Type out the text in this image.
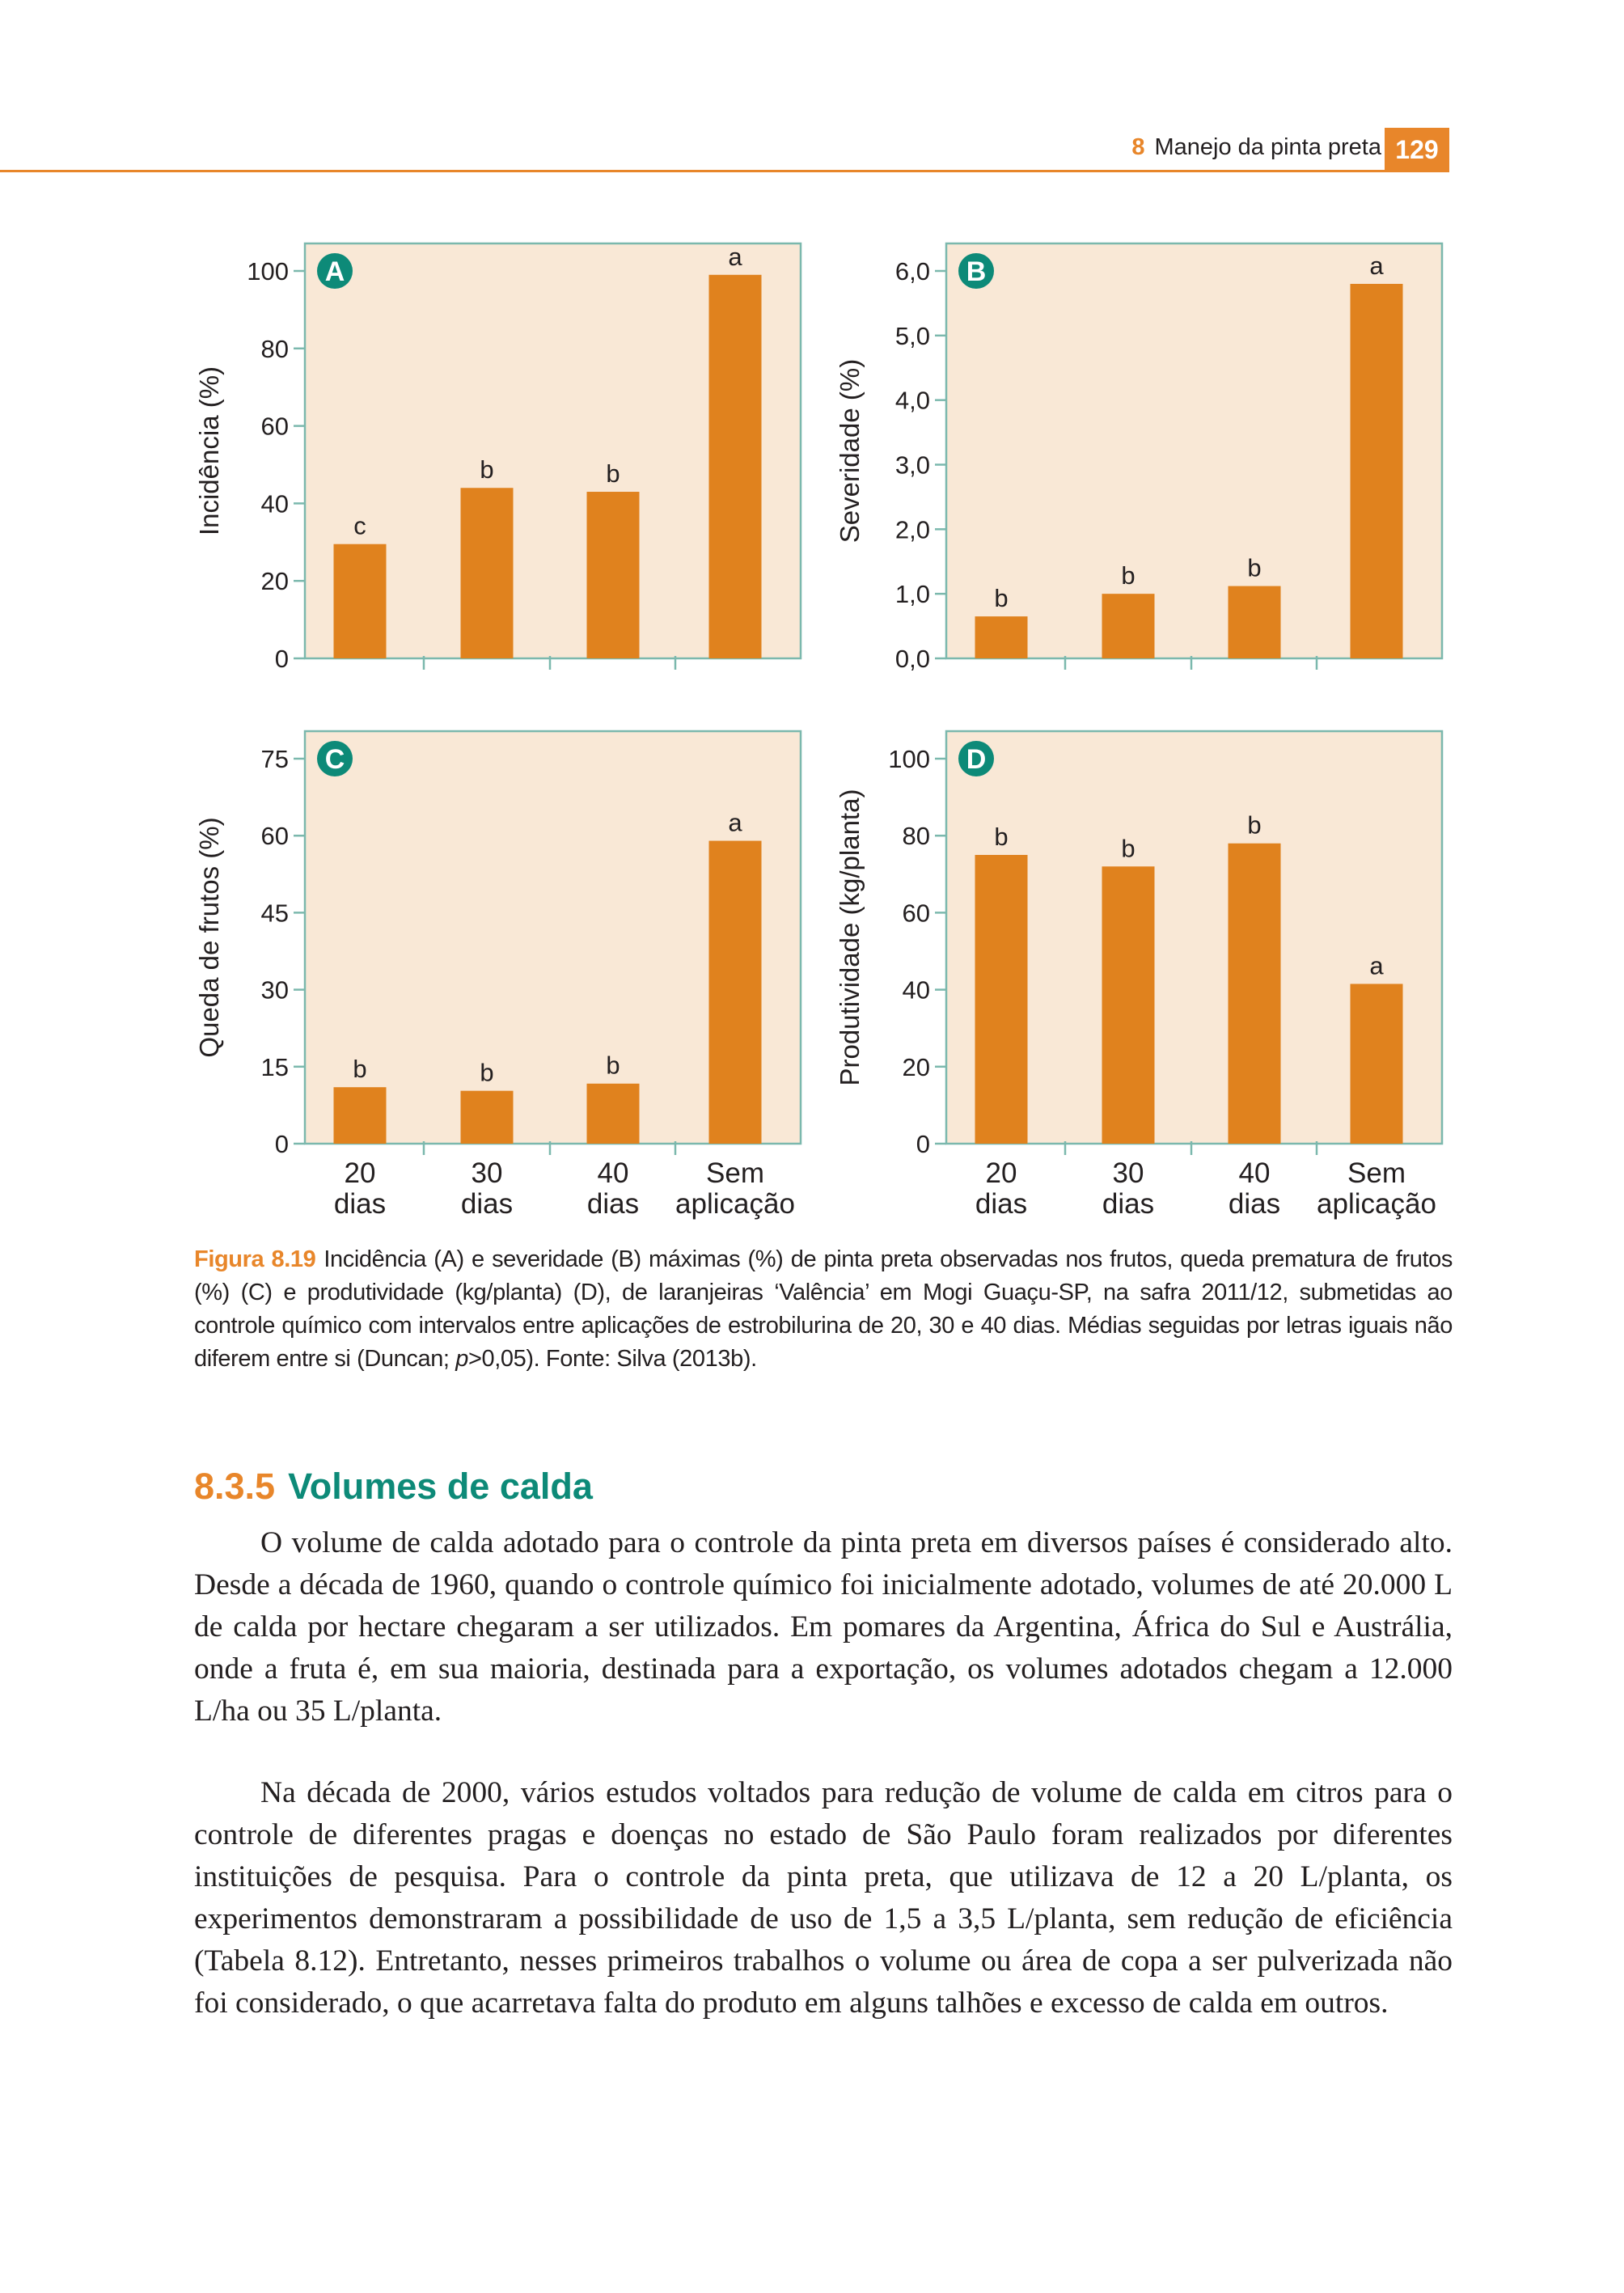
8 Manejo da pinta preta 129
0
20
40
60
80
100
Incidência (%)	c
b	b
a
A
0,0
1,0
2,0
3,0
4,0
5,0
6,0
Severidade (%)
b
b	b
a
B
0
15
30
45
60
75
Queda de frutos (%)
b	b	b
a
20
dias
30
dias
40
dias
Sem
aplicação
C
0
20
40
60
80
100
Produtividade (kg/planta)	b	b
b
a
20
dias
30
dias
40
dias
Sem
aplicação
D
Figura 8.19 Incidência (A) e severidade (B) máximas (%) de pinta preta observadas nos frutos, queda prematura de frutos (%) (C) e produtividade (kg/planta) (D), de laranjeiras ‘Valência’ em Mogi Guaçu-SP, na safra 2011/12, submetidas ao controle químico com intervalos entre aplicações de estrobilurina de 20, 30 e 40 dias. Médias seguidas por letras iguais não diferem entre si (Duncan; p>0,05). Fonte: Silva (2013b).
8.3.5 Volumes de calda

O volume de calda adotado para o controle da pinta preta em diversos países é considerado alto. Desde a década de 1960, quando o controle químico foi inicialmente adotado, volumes de até 20.000 L de calda por hectare chegaram a ser utilizados. Em pomares da Argentina, África do Sul e Austrália, onde a fruta é, em sua maioria, destinada para a exportação, os volumes adotados chegam a 12.000 L/ha ou 35 L/planta.

Na década de 2000, vários estudos voltados para redução de volume de calda em citros para o controle de diferentes pragas e doenças no estado de São Paulo foram realizados por diferentes instituições de pesquisa. Para o controle da pinta preta, que utilizava de 12 a 20 L/planta, os experimentos demonstraram a possibilidade de uso de 1,5 a 3,5 L/planta, sem redução de eficiência (Tabela 8.12). Entretanto, nesses primeiros trabalhos o volume ou área de copa a ser pulverizada não foi considerado, o que acarretava falta do produto em alguns talhões e excesso de calda em outros.
